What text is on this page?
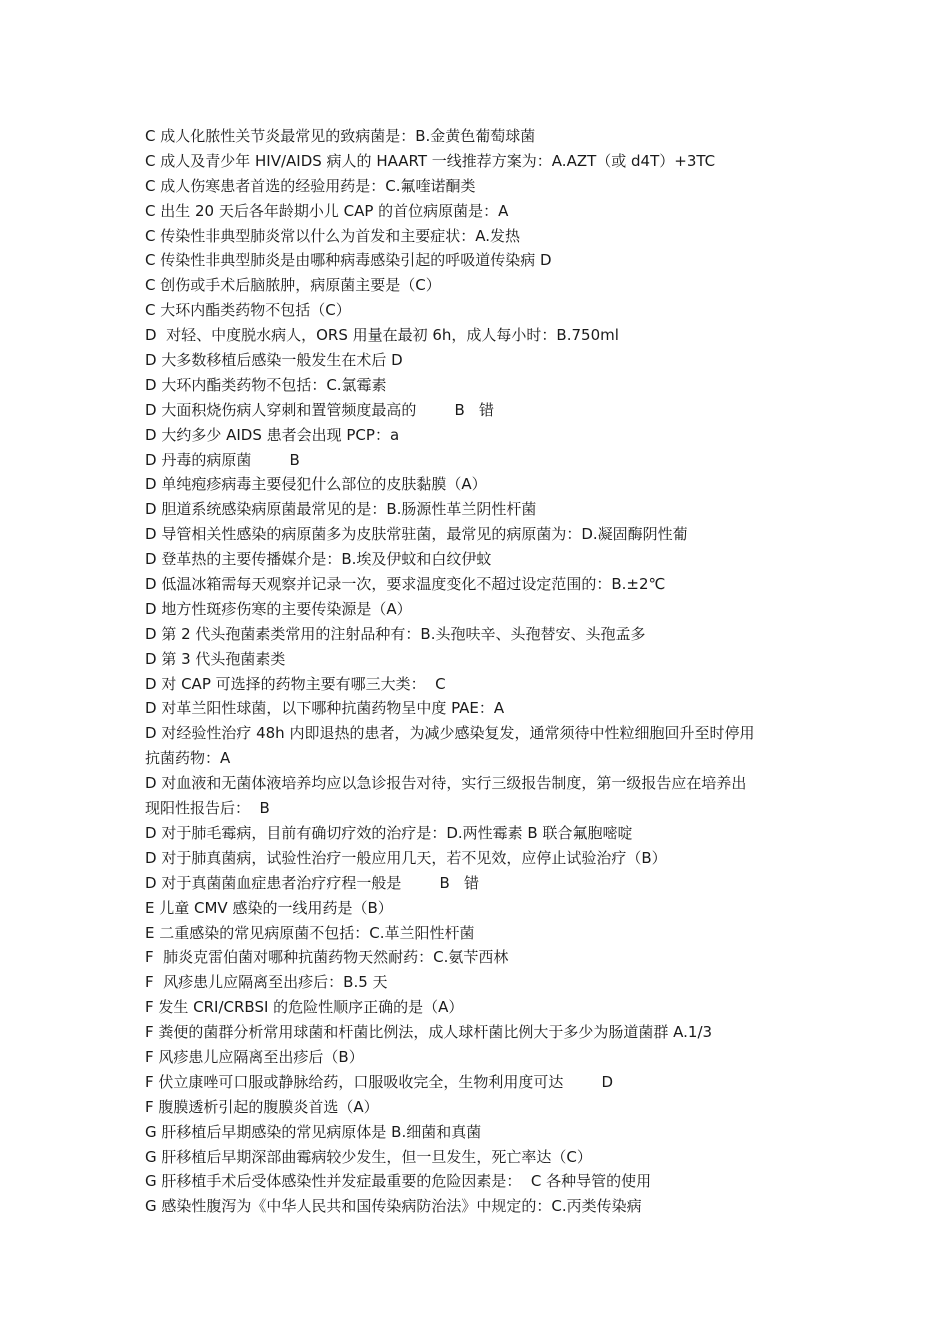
C 成人化脓性关节炎最常见的致病菌是：B.金黄色葡萄球菌
C 成人及青少年 HIV/AIDS 病人的 HAART 一线推荐方案为：A.AZT（或 d4T）+3TC
C 成人伤寒患者首选的经验用药是：C.氟喹诺酮类
C 出生 20 天后各年龄期小儿 CAP 的首位病原菌是：A
C 传染性非典型肺炎常以什么为首发和主要症状：A.发热
C 传染性非典型肺炎是由哪种病毒感染引起的呼吸道传染病 D
C 创伤或手术后脑脓肿，病原菌主要是（C）
C 大环内酯类药物不包括（C）
D  对轻、中度脱水病人，ORS 用量在最初 6h，成人每小时：B.750ml
D 大多数移植后感染一般发生在术后 D
D 大环内酯类药物不包括：C.氯霉素
D 大面积烧伤病人穿刺和置管频度最高的        B   错
D 大约多少 AIDS 患者会出现 PCP：a
D 丹毒的病原菌        B
D 单纯疱疹病毒主要侵犯什么部位的皮肤黏膜（A）
D 胆道系统感染病原菌最常见的是：B.肠源性革兰阴性杆菌
D 导管相关性感染的病原菌多为皮肤常驻菌，最常见的病原菌为：D.凝固酶阴性葡
D 登革热的主要传播媒介是：B.埃及伊蚊和白纹伊蚊
D 低温冰箱需每天观察并记录一次，要求温度变化不超过设定范围的：B.±2℃
D 地方性斑疹伤寒的主要传染源是（A）
D 第 2 代头孢菌素类常用的注射品种有：B.头孢呋辛、头孢替安、头孢孟多
D 第 3 代头孢菌素类
D 对 CAP 可选择的药物主要有哪三大类：  C
D 对革兰阳性球菌，以下哪种抗菌药物呈中度 PAE：A
D 对经验性治疗 48h 内即退热的患者，为减少感染复发，通常须待中性粒细胞回升至时停用
抗菌药物：A
D 对血液和无菌体液培养均应以急诊报告对待，实行三级报告制度，第一级报告应在培养出
现阳性报告后：  B
D 对于肺毛霉病，目前有确切疗效的治疗是：D.两性霉素 B 联合氟胞嘧啶
D 对于肺真菌病，试验性治疗一般应用几天，若不见效，应停止试验治疗（B）
D 对于真菌菌血症患者治疗疗程一般是        B   错
E 儿童 CMV 感染的一线用药是（B）
E 二重感染的常见病原菌不包括：C.革兰阳性杆菌
F  肺炎克雷伯菌对哪种抗菌药物天然耐药：C.氨苄西林
F  风疹患儿应隔离至出疹后：B.5 天
F 发生 CRI/CRBSI 的危险性顺序正确的是（A）
F 粪便的菌群分析常用球菌和杆菌比例法，成人球杆菌比例大于多少为肠道菌群 A.1/3
F 风疹患儿应隔离至出疹后（B）
F 伏立康唑可口服或静脉给药，口服吸收完全，生物利用度可达        D
F 腹膜透析引起的腹膜炎首选（A）
G 肝移植后早期感染的常见病原体是 B.细菌和真菌
G 肝移植后早期深部曲霉病较少发生，但一旦发生，死亡率达（C）
G 肝移植手术后受体感染性并发症最重要的危险因素是：  C 各种导管的使用
G 感染性腹泻为《中华人民共和国传染病防治法》中规定的：C.丙类传染病
